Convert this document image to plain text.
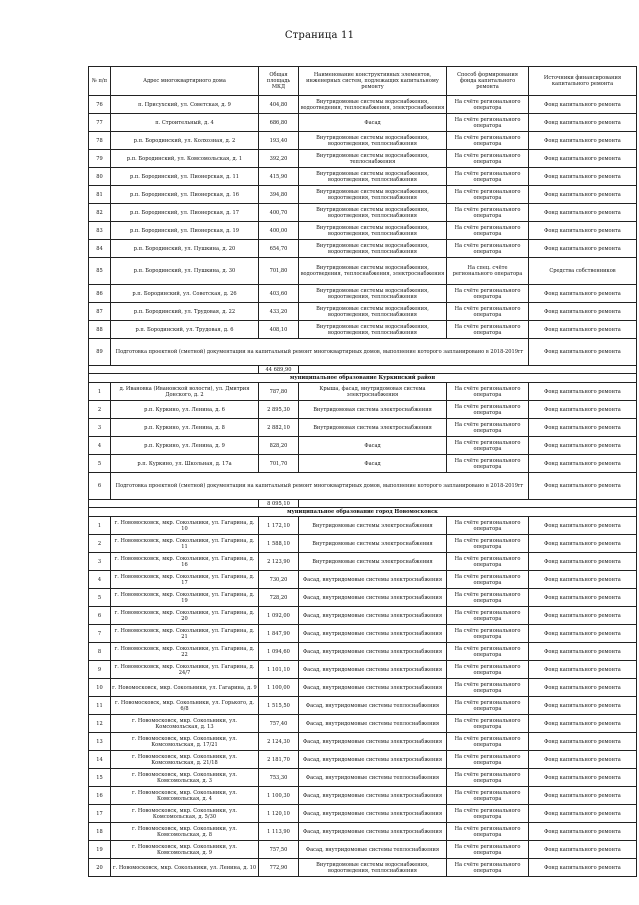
Страница 11
№ п/п	Адрес многоквартирного дома	Общая площадь МКД	Наименование конструктивных элементов, инженерных систем, подлежащих капитальному ремонту	Способ формирования фонда капитального ремонта	Источники финансирования капитального ремонта
76	п. Присухский, ул. Советская, д. 9	404,80	Внутридомовые системы водоснабжения, водоотведения, теплоснабжения, электроснабжения	На счёте регионального оператора	Фонд капитального ремонта
77	п. Строительный, д. 4	686,80	Фасад	На счёте регионального оператора	Фонд капитального ремонта
78	р.п. Бородинский, ул. Колхозная, д. 2	193,40	Внутридомовые системы водоснабжения, водоотведения, теплоснабжения	На счёте регионального оператора	Фонд капитального ремонта
79	р.п. Бородинский, ул. Комсомольская, д. 1	392,20	Внутридомовые системы водоснабжения, теплоснабжения	На счёте регионального оператора	Фонд капитального ремонта
80	р.п. Бородинский, ул. Пионерская, д. 11	415,90	Внутридомовые системы водоснабжения, водоотведения, теплоснабжения	На счёте регионального оператора	Фонд капитального ремонта
81	р.п. Бородинский, ул. Пионерская, д. 16	394,80	Внутридомовые системы водоснабжения, водоотведения, теплоснабжения	На счёте регионального оператора	Фонд капитального ремонта
82	р.п. Бородинский, ул. Пионерская, д. 17	400,70	Внутридомовые системы водоснабжения, водоотведения, теплоснабжения	На счёте регионального оператора	Фонд капитального ремонта
83	р.п. Бородинский, ул. Пионерская, д. 19	400,00	Внутридомовые системы водоснабжения, водоотведения, теплоснабжения	На счёте регионального оператора	Фонд капитального ремонта
84	р.п. Бородинский, ул. Пушкина, д. 20	654,70	Внутридомовые системы водоснабжения, водоотведения, теплоснабжения	На счёте регионального оператора	Фонд капитального ремонта
85	р.п. Бородинский, ул. Пушкина, д. 30	701,80	Внутридомовые системы водоснабжения, водоотведения, теплоснабжения, электроснабжения	На спец. счёте регионального оператора	Средства собственников
86	р.п. Бородинский, ул. Советская, д. 26	403,60	Внутридомовые системы водоснабжения, водоотведения, теплоснабжения	На счёте регионального оператора	Фонд капитального ремонта
87	р.п. Бородинский, ул. Трудовая, д. 22	433,20	Внутридомовые системы водоснабжения, водоотведения, теплоснабжения	На счёте регионального оператора	Фонд капитального ремонта
88	р.п. Бородинский, ул. Трудовая, д. 6	408,10	Внутридомовые системы водоснабжения, водоотведения, теплоснабжения	На счёте регионального оператора	Фонд капитального ремонта
89	Подготовка проектной (сметной) документации на капитальный ремонт многоквартирных домов, выполнение которого запланировано в 2018-2019гг				Фонд капитального ремонта
		44 689,90			
муниципальное образование Куркинский район					
1	д. Ивановка (Ивановской волости), ул. Дмитрия Донского, д. 2	787,80	Крыша, фасад, внутридомовая система электроснабжения	На счёте регионального оператора	Фонд капитального ремонта
2	р.п. Куркино, ул. Ленина, д. 6	2 895,30	Внутридомовая система электроснабжения	На счёте регионального оператора	Фонд капитального ремонта
3	р.п. Куркино, ул. Ленина, д. 8	2 882,10	Внутридомовая система электроснабжения	На счёте регионального оператора	Фонд капитального ремонта
4	р.п. Куркино, ул. Ленина, д. 9	828,20	Фасад	На счёте регионального оператора	Фонд капитального ремонта
5	р.п. Куркино, ул. Школьная, д. 17а	701,70	Фасад	На счёте регионального оператора	Фонд капитального ремонта
6	Подготовка проектной (сметной) документации на капитальный ремонт многоквартирных домов, выполнение которого запланировано в 2018-2019гг				Фонд капитального ремонта
		8 095,10			
муниципальное образование город Новомосковск					
1	г. Новомосковск, мкр. Сокольники, ул. Гагарина, д. 10	1 172,10	Внутридомовые системы электроснабжения	На счёте регионального оператора	Фонд капитального ремонта
2	г. Новомосковск, мкр. Сокольники, ул. Гагарина, д. 11	1 588,10	Внутридомовые системы электроснабжения	На счёте регионального оператора	Фонд капитального ремонта
3	г. Новомосковск, мкр. Сокольники, ул. Гагарина, д. 16	2 123,90	Внутридомовые системы электроснабжения	На счёте регионального оператора	Фонд капитального ремонта
4	г. Новомосковск, мкр. Сокольники, ул. Гагарина, д. 17	730,20	Фасад, внутридомовые системы электроснабжения	На счёте регионального оператора	Фонд капитального ремонта
5	г. Новомосковск, мкр. Сокольники, ул. Гагарина, д. 19	728,20	Фасад, внутридомовые системы электроснабжения	На счёте регионального оператора	Фонд капитального ремонта
6	г. Новомосковск, мкр. Сокольники, ул. Гагарина, д. 20	1 092,00	Фасад, внутридомовые системы электроснабжения	На счёте регионального оператора	Фонд капитального ремонта
7	г. Новомосковск, мкр. Сокольники, ул. Гагарина, д. 21	1 847,90	Фасад, внутридомовые системы электроснабжения	На счёте регионального оператора	Фонд капитального ремонта
8	г. Новомосковск, мкр. Сокольники, ул. Гагарина, д. 22	1 094,60	Фасад, внутридомовые системы электроснабжения	На счёте регионального оператора	Фонд капитального ремонта
9	г. Новомосковск, мкр. Сокольники, ул. Гагарина, д. 24/7	1 101,10	Фасад, внутридомовые системы электроснабжения	На счёте регионального оператора	Фонд капитального ремонта
10	г. Новомосковск, мкр. Сокольники, ул. Гагарина, д. 9	1 100,00	Фасад, внутридомовые системы электроснабжения	На счёте регионального оператора	Фонд капитального ремонта
11	г. Новомосковск, мкр. Сокольники, ул. Горького, д. 6/8	1 515,50	Фасад, внутридомовые системы теплоснабжения	На счёте регионального оператора	Фонд капитального ремонта
12	г. Новомосковск, мкр. Сокольники, ул. Комсомольская, д. 13	757,40	Фасад, внутридомовые системы теплоснабжения	На счёте регионального оператора	Фонд капитального ремонта
13	г. Новомосковск, мкр. Сокольники, ул. Комсомольская, д. 17/21	2 124,30	Фасад, внутридомовые системы электроснабжения	На счёте регионального оператора	Фонд капитального ремонта
14	г. Новомосковск, мкр. Сокольники, ул. Комсомольская, д. 21/18	2 181,70	Фасад, внутридомовые системы электроснабжения	На счёте регионального оператора	Фонд капитального ремонта
15	г. Новомосковск, мкр. Сокольники, ул. Комсомольская, д. 3	753,30	Фасад, внутридомовые системы теплоснабжения	На счёте регионального оператора	Фонд капитального ремонта
16	г. Новомосковск, мкр. Сокольники, ул. Комсомольская, д. 4	1 100,30	Фасад, внутридомовые системы электроснабжения	На счёте регионального оператора	Фонд капитального ремонта
17	г. Новомосковск, мкр. Сокольники, ул. Комсомольская, д. 5/30	1 120,10	Фасад, внутридомовые системы электроснабжения	На счёте регионального оператора	Фонд капитального ремонта
18	г. Новомосковск, мкр. Сокольники, ул. Комсомольская, д. 8	1 113,90	Фасад, внутридомовые системы электроснабжения	На счёте регионального оператора	Фонд капитального ремонта
19	г. Новомосковск, мкр. Сокольники, ул. Комсомольская, д. 9	757,50	Фасад, внутридомовые системы теплоснабжения	На счёте регионального оператора	Фонд капитального ремонта
20	г. Новомосковск, мкр. Сокольники, ул. Ленина, д. 10	772,90	Внутридомовые системы водоснабжения, водоотведения, теплоснабжения	На счёте регионального оператора	Фонд капитального ремонта
